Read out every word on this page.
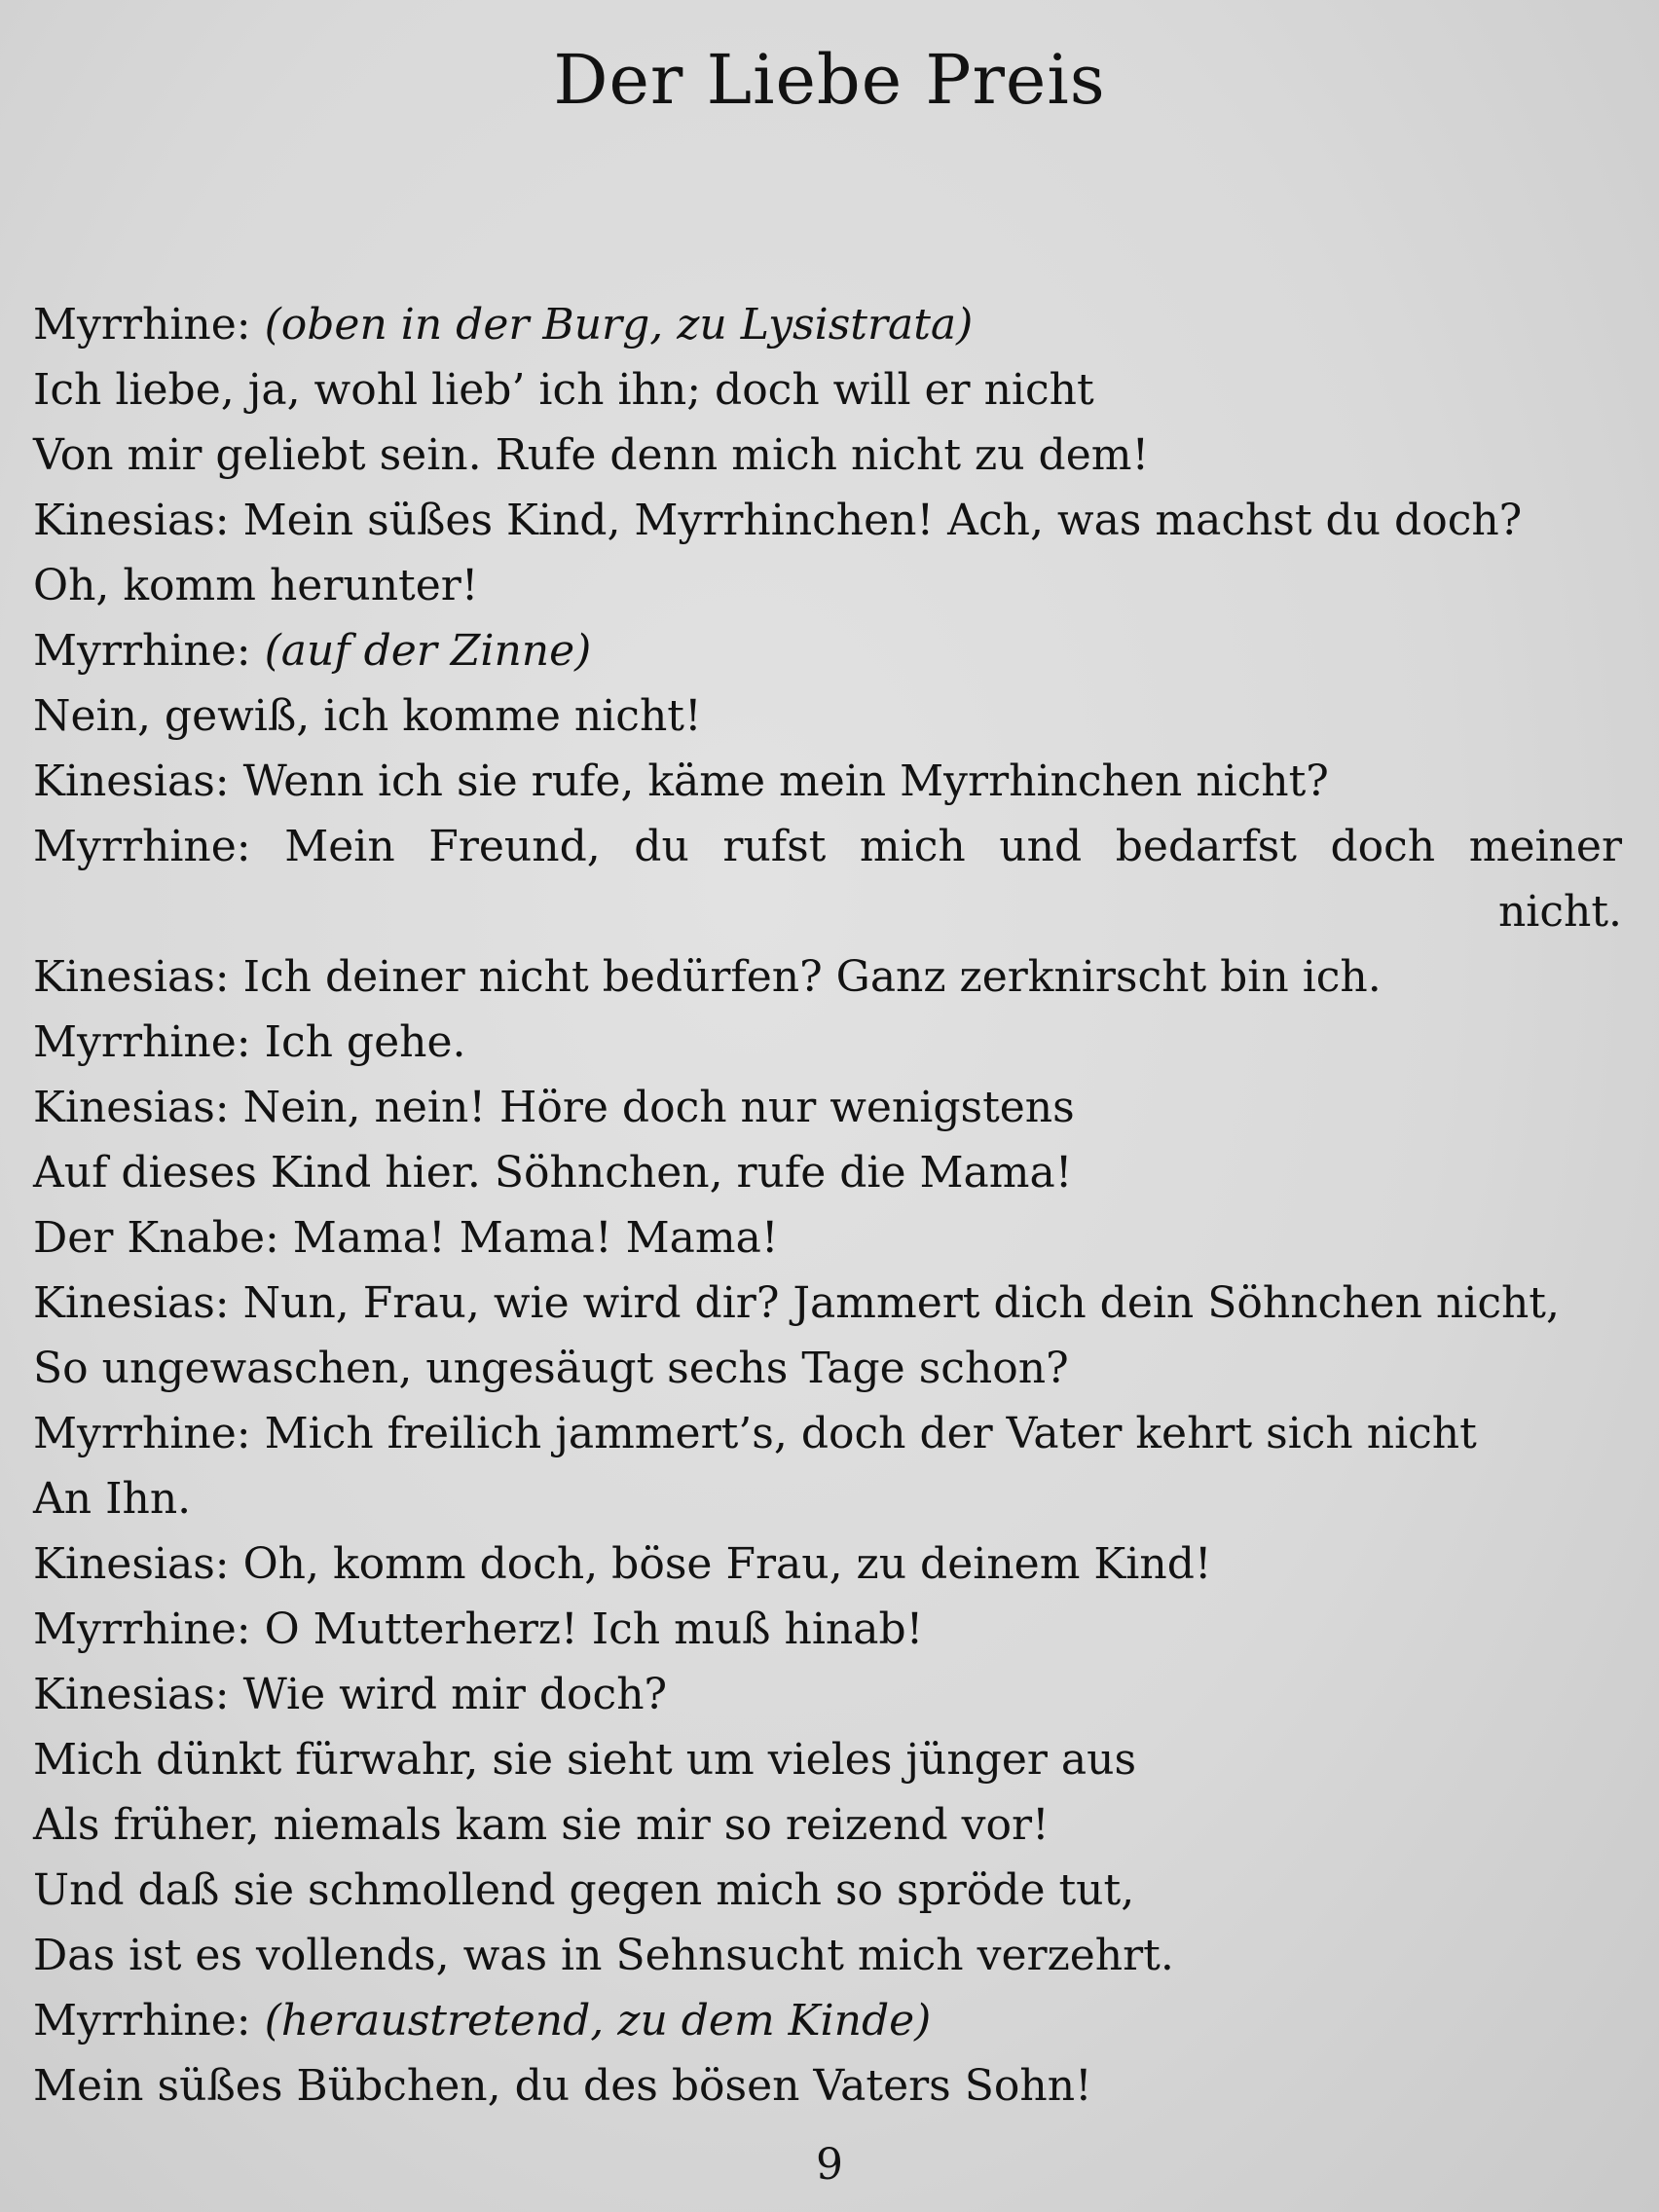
Der Liebe Preis
Myrrhine: (oben in der Burg, zu Lysistrata)
Ich liebe, ja, wohl lieb’ ich ihn; doch will er nicht
Von mir geliebt sein. Rufe denn mich nicht zu dem!
Kinesias: Mein süßes Kind, Myrrhinchen! Ach, was machst du doch?
Oh, komm herunter!
Myrrhine: (auf der Zinne)
Nein, gewiß, ich komme nicht!
Kinesias: Wenn ich sie rufe, käme mein Myrrhinchen nicht?
Myrrhine: Mein Freund, du rufst mich und bedarfst doch meiner
nicht.
Kinesias: Ich deiner nicht bedürfen? Ganz zerknirscht bin ich.
Myrrhine: Ich gehe.
Kinesias: Nein, nein! Höre doch nur wenigstens
Auf dieses Kind hier. Söhnchen, rufe die Mama!
Der Knabe: Mama! Mama! Mama!
Kinesias: Nun, Frau, wie wird dir? Jammert dich dein Söhnchen nicht,
So ungewaschen, ungesäugt sechs Tage schon?
Myrrhine: Mich freilich jammert’s, doch der Vater kehrt sich nicht
An Ihn.
Kinesias: Oh, komm doch, böse Frau, zu deinem Kind!
Myrrhine: O Mutterherz! Ich muß hinab!
Kinesias: Wie wird mir doch?
Mich dünkt fürwahr, sie sieht um vieles jünger aus
Als früher, niemals kam sie mir so reizend vor!
Und daß sie schmollend gegen mich so spröde tut,
Das ist es vollends, was in Sehnsucht mich verzehrt.
Myrrhine: (heraustretend, zu dem Kinde)
Mein süßes Bübchen, du des bösen Vaters Sohn!
9
